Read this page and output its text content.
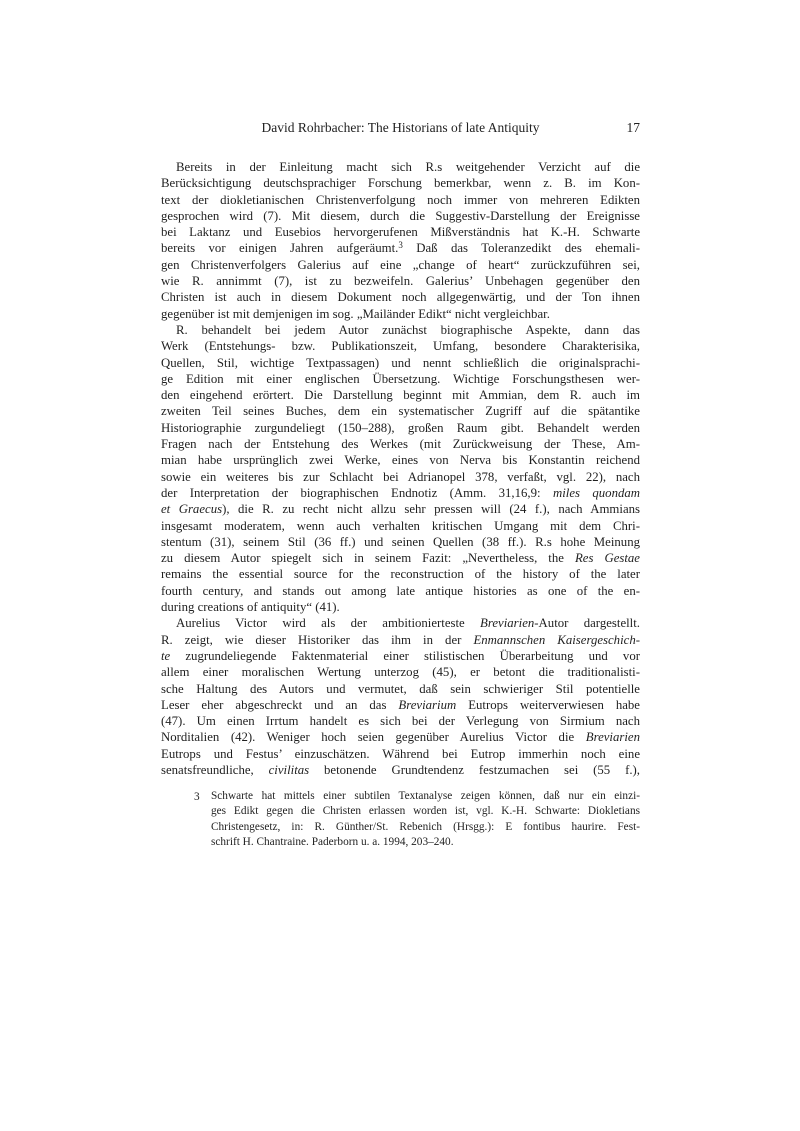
David Rohrbacher: The Historians of late Antiquity	17
Bereits in der Einleitung macht sich R.s weitgehender Verzicht auf die
Berücksichtigung deutschsprachiger Forschung bemerkbar, wenn z. B. im Kon-
text der diokletianischen Christenverfolgung noch immer von mehreren Edikten
gesprochen wird (7). Mit diesem, durch die Suggestiv-Darstellung der Ereignisse
bei Laktanz und Eusebios hervorgerufenen Mißverständnis hat K.-H. Schwarte
bereits vor einigen Jahren aufgeräumt.$^3$ Daß das Toleranzedikt des ehemali-
gen Christenverfolgers Galerius auf eine „change of heart“ zurückzuführen sei,
wie R. annimmt (7), ist zu bezweifeln. Galerius’ Unbehagen gegenüber den
Christen ist auch in diesem Dokument noch allgegenwärtig, und der Ton ihnen
gegenüber ist mit demjenigen im sog. „Mailänder Edikt“ nicht vergleichbar.
R. behandelt bei jedem Autor zunächst biographische Aspekte, dann das
Werk (Entstehungs- bzw. Publikationszeit, Umfang, besondere Charakterisika,
Quellen, Stil, wichtige Textpassagen) und nennt schließlich die originalsprachi-
ge Edition mit einer englischen Übersetzung. Wichtige Forschungsthesen wer-
den eingehend erörtert. Die Darstellung beginnt mit Ammian, dem R. auch im
zweiten Teil seines Buches, dem ein systematischer Zugriff auf die spätantike
Historiographie zurgundeliegt (150–288), großen Raum gibt. Behandelt werden
Fragen nach der Entstehung des Werkes (mit Zurückweisung der These, Am-
mian habe ursprünglich zwei Werke, eines von Nerva bis Konstantin reichend
sowie ein weiteres bis zur Schlacht bei Adrianopel 378, verfaßt, vgl. 22), nach
der Interpretation der biographischen Endnotiz (Amm. 31,16,9: miles quondam
et Graecus), die R. zu recht nicht allzu sehr pressen will (24 f.), nach Ammians
insgesamt moderatem, wenn auch verhalten kritischen Umgang mit dem Chri-
stentum (31), seinem Stil (36 ff.) und seinen Quellen (38 ff.). R.s hohe Meinung
zu diesem Autor spiegelt sich in seinem Fazit: „Nevertheless, the Res Gestae
remains the essential source for the reconstruction of the history of the later
fourth century, and stands out among late antique histories as one of the en-
during creations of antiquity“ (41).
Aurelius Victor wird als der ambitionierteste Breviarien-Autor dargestellt.
R. zeigt, wie dieser Historiker das ihm in der Enmannschen Kaisergeschich-
te zugrundeliegende Faktenmaterial einer stilistischen Überarbeitung und vor
allem einer moralischen Wertung unterzog (45), er betont die traditionalisti-
sche Haltung des Autors und vermutet, daß sein schwieriger Stil potentielle
Leser eher abgeschreckt und an das Breviarium Eutrops weiterverwiesen habe
(47). Um einen Irrtum handelt es sich bei der Verlegung von Sirmium nach
Norditalien (42). Weniger hoch seien gegenüber Aurelius Victor die Breviarien
Eutrops und Festus’ einzuschätzen. Während bei Eutrop immerhin noch eine
senatsfreundliche, civilitas betonende Grundtendenz festzumachen sei (55 f.),
3 Schwarte hat mittels einer subtilen Textanalyse zeigen können, daß nur ein einzi-
ges Edikt gegen die Christen erlassen worden ist, vgl. K.-H. Schwarte: Diokletians
Christengesetz, in: R. Günther/St. Rebenich (Hrsgg.): E fontibus haurire. Fest-
schrift H. Chantraine. Paderborn u. a. 1994, 203–240.
